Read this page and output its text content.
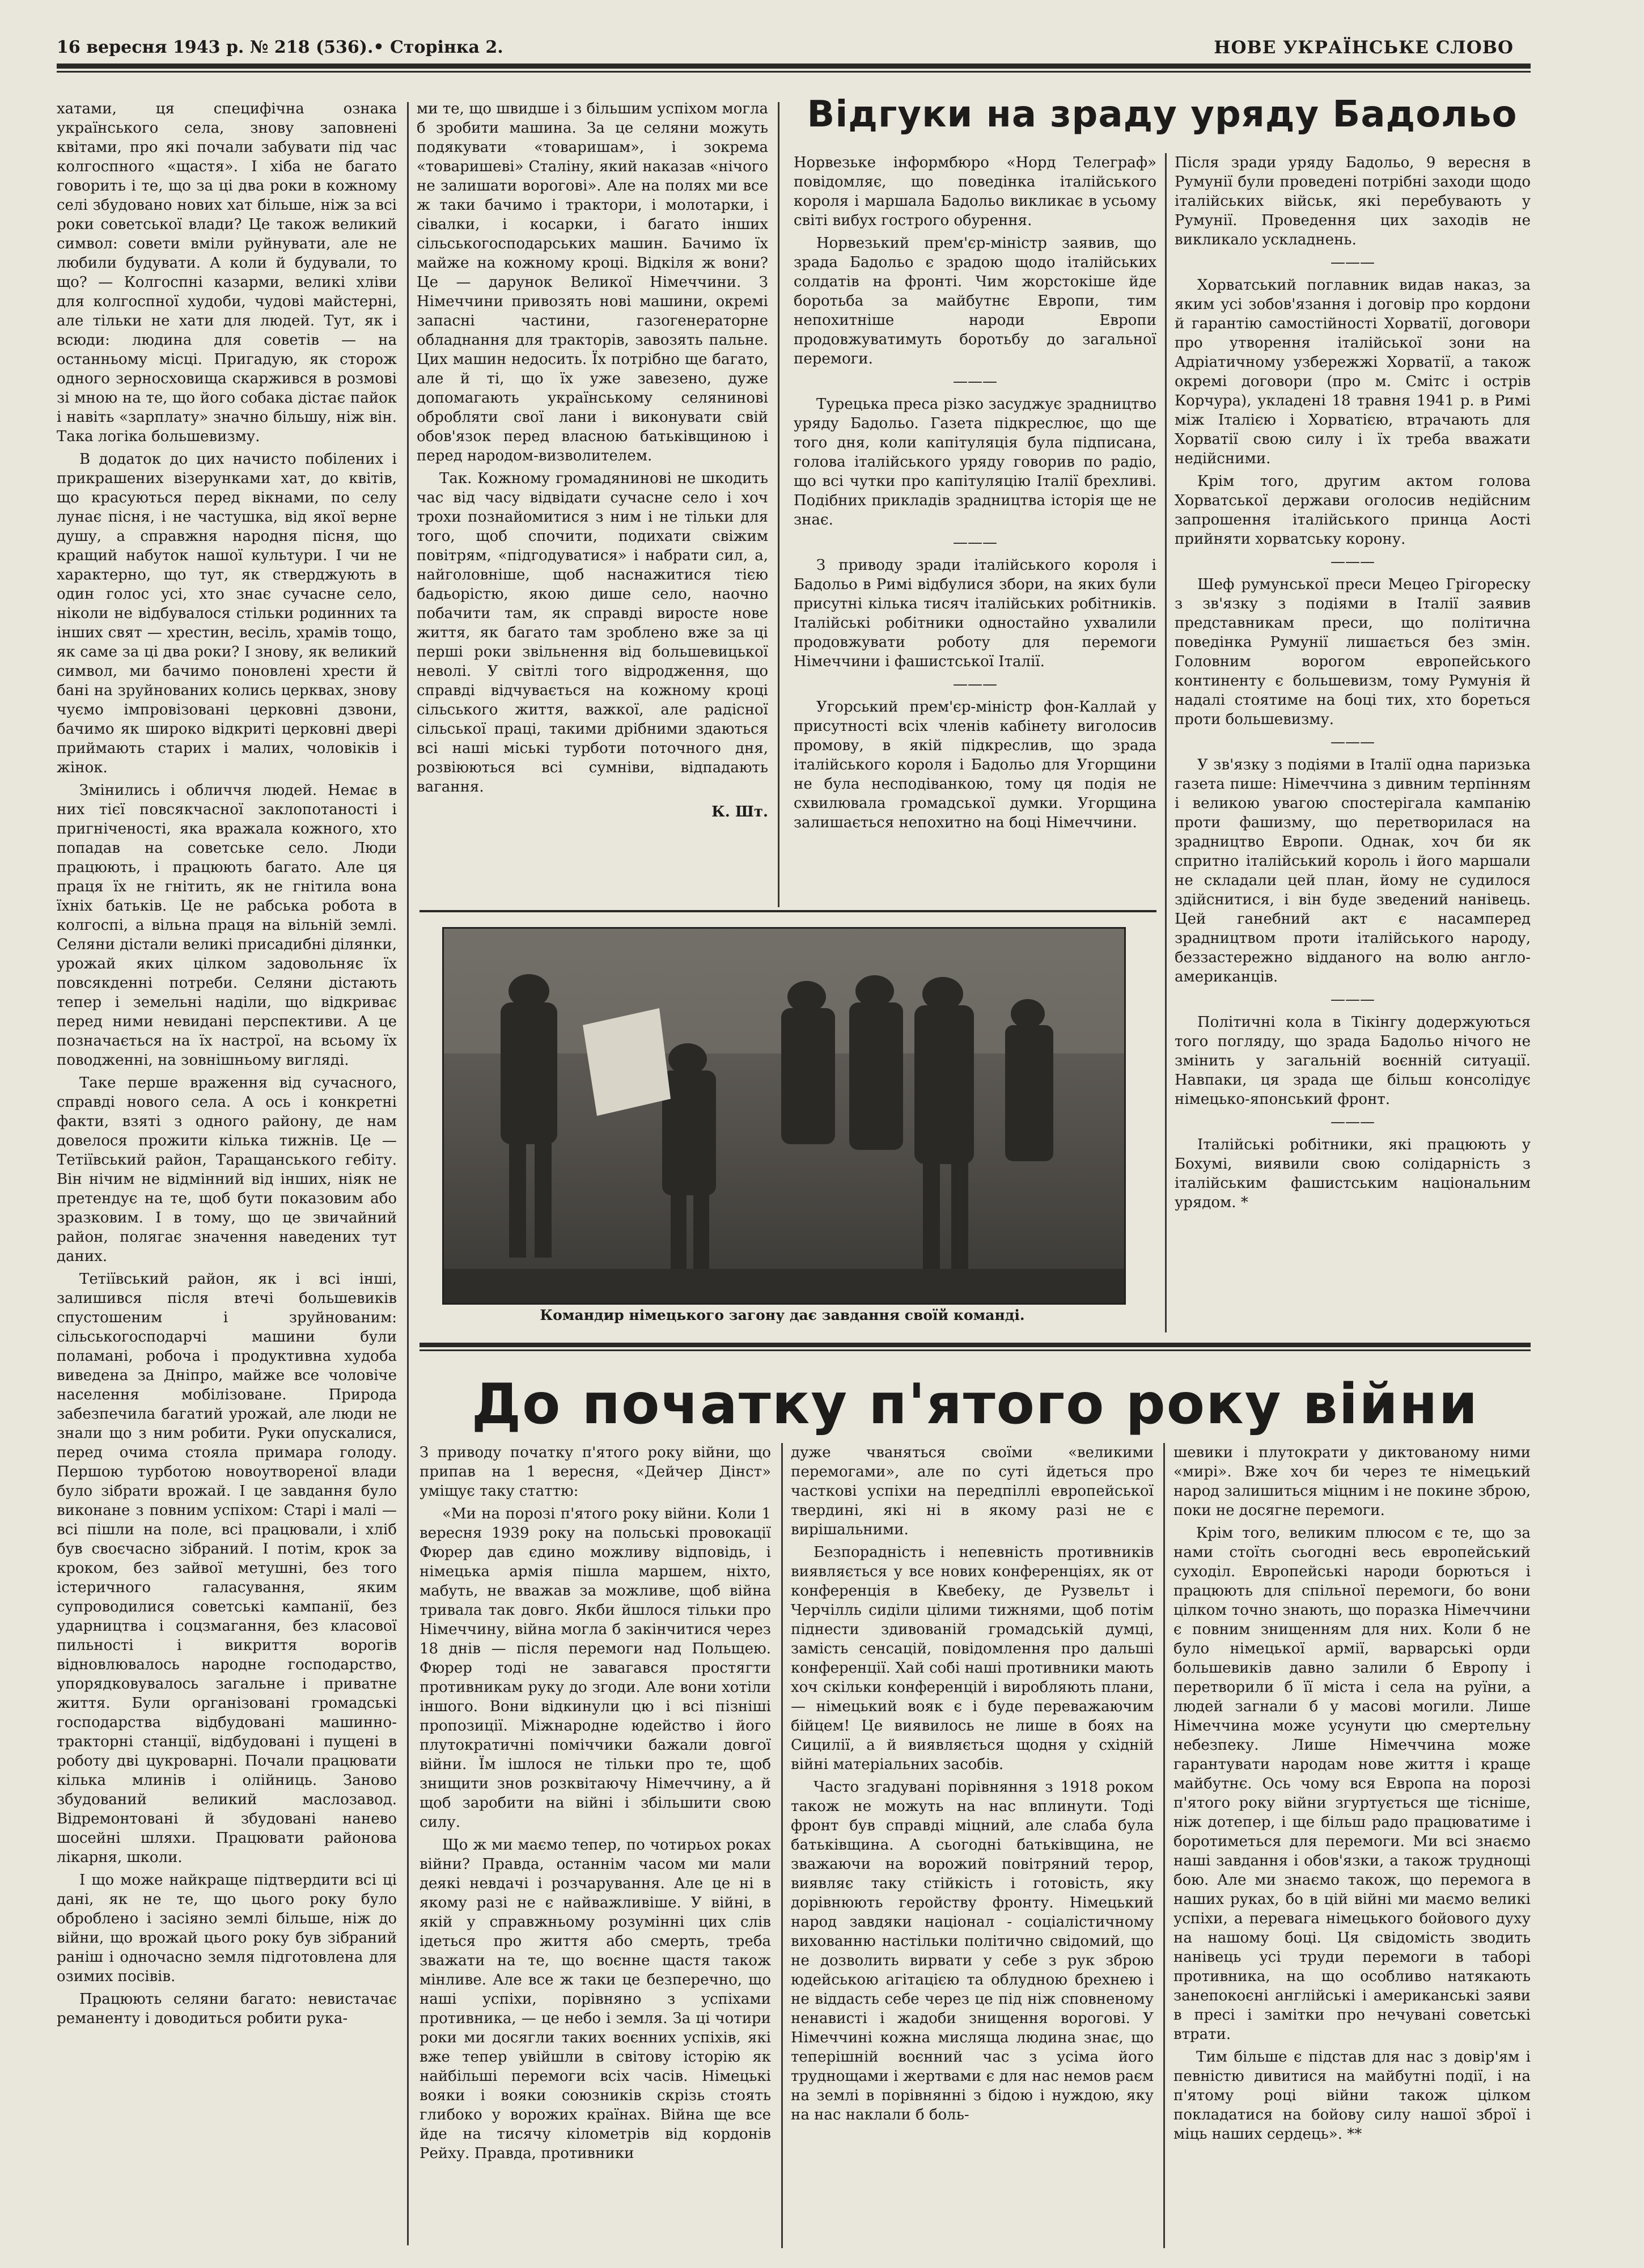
16 вересня 1943 р. № 218 (536).• Сторінка 2.	НОВЕ УКРАЇНСЬКЕ СЛОВО

хатами, ця специфічна ознака українського села, знову заповнені квітами, про які почали забувати під час колгоспного «щастя». І хіба не багато говорить і те, що за ці два роки в кожному селі збудовано нових хат більше, ніж за всі роки советської влади? Це також великий символ: совети вміли руйнувати, але не любили будувати. А коли й будували, то що? — Колгоспні казарми, великі хліви для колгоспної худоби, чудові майстерні, але тільки не хати для людей. Тут, як і всюди: людина для советів — на останньому місці. Пригадую, як сторож одного зерносховища скаржився в розмові зі мною на те, що його собака дістає пайок і навіть «зарплату» значно більшу, ніж він. Така логіка большевизму.

В додаток до цих начисто побілених і прикрашених візерунками хат, до квітів, що красуються перед вікнами, по селу лунає пісня, і не частушка, від якої верне душу, а справжня народня пісня, що кращий набуток нашої культури. І чи не характерно, що тут, як стверджують в один голос усі, хто знає сучасне село, ніколи не відбувалося стільки родинних та інших свят — хрестин, весіль, храмів тощо, як саме за ці два роки? І знову, як великий символ, ми бачимо поновлені хрести й бані на зруйнованих колись церквах, знову чуємо імпровізовані церковні дзвони, бачимо як широко відкриті церковні двері приймають старих і малих, чоловіків і жінок.

Змінились і обличчя людей. Немає в них тієї повсякчасної заклопотаності і пригніченості, яка вражала кожного, хто попадав на советське село. Люди працюють, і працюють багато. Але ця праця їх не гнітить, як не гнітила вона їхніх батьків. Це не рабська робота в колгоспі, а вільна праця на вільній землі. Селяни дістали великі присадибні ділянки, урожай яких цілком задовольняє їх повсякденні потреби. Селяни дістають тепер і земельні наділи, що відкриває перед ними невидані перспективи. А це позначається на їх настрої, на всьому їх поводженні, на зовнішньому вигляді.

Таке перше враження від сучасного, справді нового села. А ось і конкретні факти, взяті з одного району, де нам довелося прожити кілька тижнів. Це — Тетіївський район, Таращанського гебіту. Він нічим не відмінний від інших, ніяк не претендує на те, щоб бути показовим або зразковим. І в тому, що це звичайний район, полягає значення наведених тут даних.

Тетіївський район, як і всі інші, залишився після втечі большевиків спустошеним і зруйнованим: сільськогосподарчі машини були поламані, робоча і продуктивна худоба виведена за Дніпро, майже все чоловіче населення мобілізоване. Природа забезпечила багатий урожай, але люди не знали що з ним робити. Руки опускалися, перед очима стояла примара голоду. Першою турботою новоутвореної влади було зібрати врожай. І це завдання було виконане з повним успіхом: Старі і малі — всі пішли на поле, всі працювали, і хліб був своєчасно зібраний. І потім, крок за кроком, без зайвої метушні, без того істеричного галасування, яким супроводилися советські кампанії, без ударництва і соцзмагання, без класової пильності і викриття ворогів відновлювалось народне господарство, упорядковувалось загальне і приватне життя. Були організовані громадські господарства відбудовані машинно-тракторні станції, відбудовані і пущені в роботу дві цукроварні. Почали працювати кілька млинів і олійниць. Заново збудований великий маслозавод. Відремонтовані й збудовані нанево шосейні шляхи. Працювати районова лікарня, школи.

І що може найкраще підтвердити всі ці дані, як не те, що цього року було оброблено і засіяно землі більше, ніж до війни, що врожай цього року був зібраний раніш і одночасно земля підготовлена для озимих посівів.

Працюють селяни багато: невистачає реманенту і доводиться робити рука-

ми те, що швидше і з більшим успіхом могла б зробити машина. За це селяни можуть подякувати «товаришам», і зокрема «товаришеві» Сталіну, який наказав «нічого не залишати ворогові». Але на полях ми все ж таки бачимо і трактори, і молотарки, і сівалки, і косарки, і багато інших сільськогосподарських машин. Бачимо їх майже на кожному кроці. Відкіля ж вони? Це — дарунок Великої Німеччини. З Німеччини привозять нові машини, окремі запасні частини, газогенераторне обладнання для тракторів, завозять пальне. Цих машин недосить. Їх потрібно ще багато, але й ті, що їх уже завезено, дуже допомагають українському селянинові обробляти свої лани і виконувати свій обов'язок перед власною батьківщиною і перед народом-визволителем.

Так. Кожному громадянинові не шкодить час від часу відвідати сучасне село і хоч трохи познайомитися з ним і не тільки для того, щоб спочити, подихати свіжим повітрям, «підгодуватися» і набрати сил, а, найголовніше, щоб наснажитися тією бадьорістю, якою дише село, наочно побачити там, як справді виросте нове життя, як багато там зроблено вже за ці перші роки звільнення від большевицької неволі. У світлі того відродження, що справді відчувається на кожному кроці сільського життя, важкої, але радісної сільської праці, такими дрібними здаються всі наші міські турботи поточного дня, розвіюються всі сумніви, відпадають вагання.

К. Шт.

Відгуки на зраду уряду Бадольо

Норвезьке інформбюро «Норд Телеграф» повідомляє, що поведінка італійського короля і маршала Бадольо викликає в усьому світі вибух гострого обурення.

Норвезький прем'єр-міністр заявив, що зрада Бадольо є зрадою щодо італійських солдатів на фронті. Чим жорстокіше йде боротьба за майбутнє Европи, тим непохитніше народи Европи продовжуватимуть боротьбу до загальної перемоги.

———

Турецька преса різко засуджує зрадництво уряду Бадольо. Газета підкреслює, що ще того дня, коли капітуляція була підписана, голова італійського уряду говорив по радіо, що всі чутки про капітуляцію Італії брехливі. Подібних прикладів зрадництва історія ще не знає.

———

З приводу зради італійського короля і Бадольо в Римі відбулися збори, на яких були присутні кілька тисяч італійських робітників. Італійські робітники одностайно ухвалили продовжувати роботу для перемоги Німеччини і фашистської Італії.

———

Угорський прем'єр-міністр фон-Каллай у присутності всіх членів кабінету виголосив промову, в якій підкреслив, що зрада італійського короля і Бадольо для Угорщини не була несподіванкою, тому ця подія не схвилювала громадської думки. Угорщина залишається непохитно на боці Німеччини.

Після зради уряду Бадольо, 9 вересня в Румунії були проведені потрібні заходи щодо італійських військ, які перебувають у Румунії. Проведення цих заходів не викликало ускладнень.

———

Хорватський поглавник видав наказ, за яким усі зобов'язання і договір про кордони й гарантію самостійності Хорватії, договори про утворення італійської зони на Адріатичному узбережжі Хорватії, а також окремі договори (про м. Смітс і острів Корчура), укладені 18 травня 1941 р. в Римі між Італією і Хорватією, втрачають для Хорватії свою силу і їх треба вважати недійсними.

Крім того, другим актом голова Хорватської держави оголосив недійсним запрошення італійського принца Аості прийняти хорватську корону.

———

Шеф румунської преси Мецео Грігореску з зв'язку з подіями в Італії заявив представникам преси, що політична поведінка Румунії лишається без змін. Головним ворогом европейського континенту є большевизм, тому Румунія й надалі стоятиме на боці тих, хто бореться проти большевизму.

———

У зв'язку з подіями в Італії одна паризька газета пише: Німеччина з дивним терпінням і великою увагою спостерігала кампанію проти фашизму, що перетворилася на зрадництво Европи. Однак, хоч би як спритно італійський король і його маршали не складали цей план, йому не судилося здійснитися, і він буде зведений нанівець. Цей ганебний акт є насамперед зрадництвом проти італійського народу, беззастережно відданого на волю англо-американців.

———

Політичні кола в Тікінгу додержуються того погляду, що зрада Бадольо нічого не змінить у загальній воєнній ситуації. Навпаки, ця зрада ще більш консолідує німецько-японський фронт.

———

Італійські робітники, які працюють у Бохумі, виявили свою солідарність з італійським фашистським національним урядом. *

Командир німецького загону дає завдання своїй команді.
До початку п'ятого року війни

З приводу початку п'ятого року війни, що припав на 1 вересня, «Дейчер Дінст» уміщує таку статтю:

«Ми на порозі п'ятого року війни. Коли 1 вересня 1939 року на польські провокації Фюрер дав єдино можливу відповідь, і німецька армія пішла маршем, ніхто, мабуть, не вважав за можливе, щоб війна тривала так довго. Якби йшлося тільки про Німеччину, війна могла б закінчитися через 18 днів — після перемоги над Польщею. Фюрер тоді не завагався простягти противникам руку до згоди. Але вони хотіли іншого. Вони відкинули цю і всі пізніші пропозиції. Міжнародне юдейство і його плутократичні поміччики бажали довгої війни. Їм ішлося не тільки про те, щоб знищити знов розквітаючу Німеччину, а й щоб заробити на війні і збільшити свою силу.

Що ж ми маємо тепер, по чотирьох роках війни? Правда, останнім часом ми мали деякі невдачі і розчарування. Але це ні в якому разі не є найважливіше. У війні, в якій у справжньому розумінні цих слів ідеться про життя або смерть, треба зважати на те, що воєнне щастя також мінливе. Але все ж таки це безперечно, що наші успіхи, порівняно з успіхами противника, — це небо і земля. За ці чотири роки ми досягли таких воєнних успіхів, які вже тепер увійшли в світову історію як найбільші перемоги всіх часів. Німецькі вояки і вояки союзників скрізь стоять глибоко у ворожих країнах. Війна ще все йде на тисячу кілометрів від кордонів Рейху. Правда, противники

дуже чваняться своїми «великими перемогами», але по суті йдеться про часткові успіхи на передпіллі европейської твердині, які ні в якому разі не є вирішальними.

Безпорадність і непевність противників виявляється у все нових конференціях, як от конференція в Квебеку, де Рузвельт і Черчілль сиділи цілими тижнями, щоб потім піднести здивованій громадській думці, замість сенсацій, повідомлення про дальші конференції. Хай собі наші противники мають хоч скільки конференцій і виробляють плани, — німецький вояк є і буде переважаючим бійцем! Це виявилось не лише в боях на Сицилії, а й виявляється щодня у східній війні матеріальних засобів.

Часто згадувані порівняння з 1918 роком також не можуть на нас вплинути. Тоді фронт був справді міцний, але слаба була батьківщина. А сьогодні батьківщина, не зважаючи на ворожий повітряний терор, виявляє таку стійкість і готовість, яку дорівнюють геройству фронту. Німецький народ завдяки націонал - соціалістичному вихованню настільки політично свідомий, що не дозволить вирвати у себе з рук зброю юдейською агітацією та облудною брехнею і не віддасть себе через це під ніж сповненому ненависті і жадоби знищення ворогові. У Німеччині кожна мисляща людина знає, що теперішній воєнний час з усіма його труднощами і жертвами є для нас немов раєм на землі в порівнянні з бідою і нуждою, яку на нас наклали б боль-

шевики і плутократи у диктованому ними «мирі». Вже хоч би через те німецький народ залишиться міцним і не покине зброю, поки не досягне перемоги.

Крім того, великим плюсом є те, що за нами стоїть сьогодні весь европейський суходіл. Европейські народи борються і працюють для спільної перемоги, бо вони цілком точно знають, що поразка Німеччини є повним знищенням для них. Коли б не було німецької армії, варварські орди большевиків давно залили б Европу і перетворили б її міста і села на руїни, а людей загнали б у масові могили. Лише Німеччина може усунути цю смертельну небезпеку. Лише Німеччина може гарантувати народам нове життя і краще майбутнє. Ось чому вся Европа на порозі п'ятого року війни згуртується ще тісніше, ніж дотепер, і ще більш радо працюватиме і боротиметься для перемоги. Ми всі знаємо наші завдання і обов'язки, а також труднощі бою. Але ми знаємо також, що перемога в наших руках, бо в цій війні ми маємо великі успіхи, а перевага німецького бойового духу на нашому боці. Ця свідомість зводить нанівець усі труди перемоги в таборі противника, на що особливо натякають занепокоєні англійські і американські заяви в пресі і замітки про нечувані советські втрати.

Тим більше є підстав для нас з довір'ям і певністю дивитися на майбутні події, і на п'ятому році війни також цілком покладатися на бойову силу нашої зброї і міць наших сердець». **
